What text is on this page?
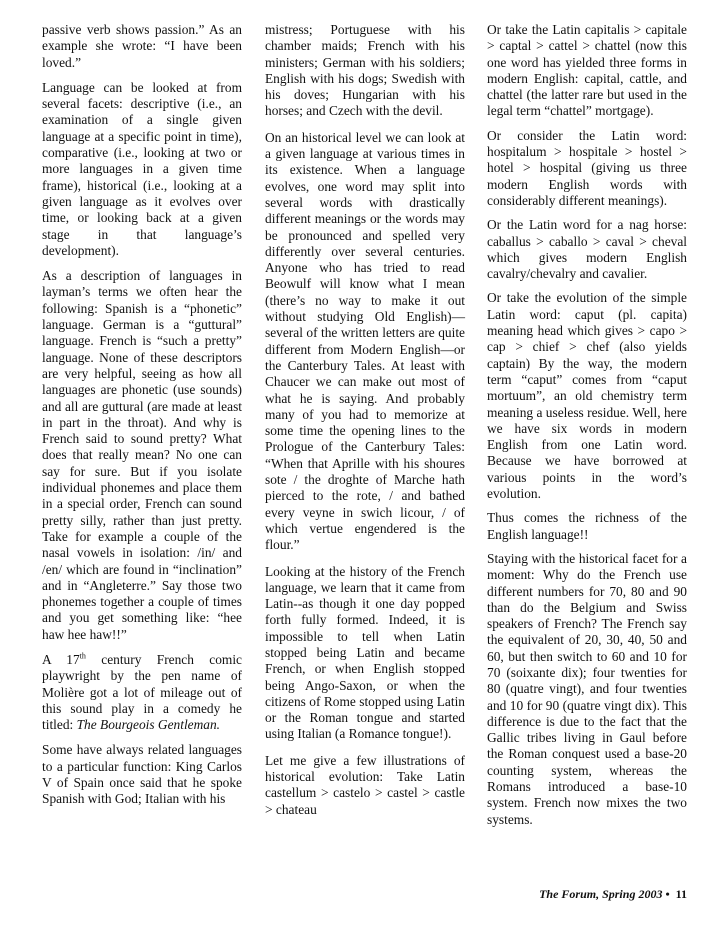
passive verb shows passion.” As an example she wrote: “I have been loved.”

Language can be looked at from several facets: descriptive (i.e., an examination of a single given language at a specific point in time), comparative (i.e., looking at two or more languages in a given time frame), historical (i.e., looking at a given language as it evolves over time, or looking back at a given stage in that language’s development).

As a description of languages in layman’s terms we often hear the following: Spanish is a “phonetic” language. German is a “guttural” language. French is “such a pretty” language. None of these descriptors are very helpful, seeing as how all languages are phonetic (use sounds) and all are guttural (are made at least in part in the throat). And why is French said to sound pretty? What does that really mean? No one can say for sure. But if you isolate individual phonemes and place them in a special order, French can sound pretty silly, rather than just pretty. Take for example a couple of the nasal vowels in isolation: /in/ and /en/ which are found in “inclination” and in “Angleterre.” Say those two phonemes together a couple of times and you get something like: “hee haw hee haw!!”

A 17th century French comic playwright by the pen name of Molière got a lot of mileage out of this sound play in a comedy he titled: The Bourgeois Gentleman.

Some have always related languages to a particular function: King Carlos V of Spain once said that he spoke Spanish with God; Italian with his

mistress; Portuguese with his chamber maids; French with his ministers; German with his soldiers; English with his dogs; Swedish with his doves; Hungarian with his horses; and Czech with the devil.

On an historical level we can look at a given language at various times in its existence. When a language evolves, one word may split into several words with drastically different meanings or the words may be pronounced and spelled very differently over several centuries. Anyone who has tried to read Beowulf will know what I mean (there’s no way to make it out without studying Old English)—several of the written letters are quite different from Modern English—or the Canterbury Tales. At least with Chaucer we can make out most of what he is saying. And probably many of you had to memorize at some time the opening lines to the Prologue of the Canterbury Tales: “When that Aprille with his shoures sote / the droghte of Marche hath pierced to the rote, / and bathed every veyne in swich licour, / of which vertue engendered is the flour.”

Looking at the history of the French language, we learn that it came from Latin--as though it one day popped forth fully formed. Indeed, it is impossible to tell when Latin stopped being Latin and became French, or when English stopped being Ango-Saxon, or when the citizens of Rome stopped using Latin or the Roman tongue and started using Italian (a Romance tongue!).

Let me give a few illustrations of historical evolution: Take Latin castellum > castelo > castel > castle > chateau

Or take the Latin capitalis > capitale > captal > cattel > chattel (now this one word has yielded three forms in modern English: capital, cattle, and chattel (the latter rare but used in the legal term “chattel” mortgage).

Or consider the Latin word: hospitalum > hospitale > hostel > hotel > hospital (giving us three modern English words with considerably different meanings).

Or the Latin word for a nag horse: caballus > caballo > caval > cheval which gives modern English cavalry/chevalry and cavalier.

Or take the evolution of the simple Latin word: caput (pl. capita) meaning head which gives > capo > cap > chief > chef (also yields captain) By the way, the modern term “caput” comes from “caput mortuum”, an old chemistry term meaning a useless residue. Well, here we have six words in modern English from one Latin word. Because we have borrowed at various points in the word’s evolution.

Thus comes the richness of the English language!!

Staying with the historical facet for a moment: Why do the French use different numbers for 70, 80 and 90 than do the Belgium and Swiss speakers of French? The French say the equivalent of 20, 30, 40, 50 and 60, but then switch to 60 and 10 for 70 (soixante dix); four twenties for 80 (quatre vingt), and four twenties and 10 for 90 (quatre vingt dix). This difference is due to the fact that the Gallic tribes living in Gaul before the Roman conquest used a base-20 counting system, whereas the Romans introduced a base-10 system. French now mixes the two systems.

The Forum, Spring 2003 • 11
